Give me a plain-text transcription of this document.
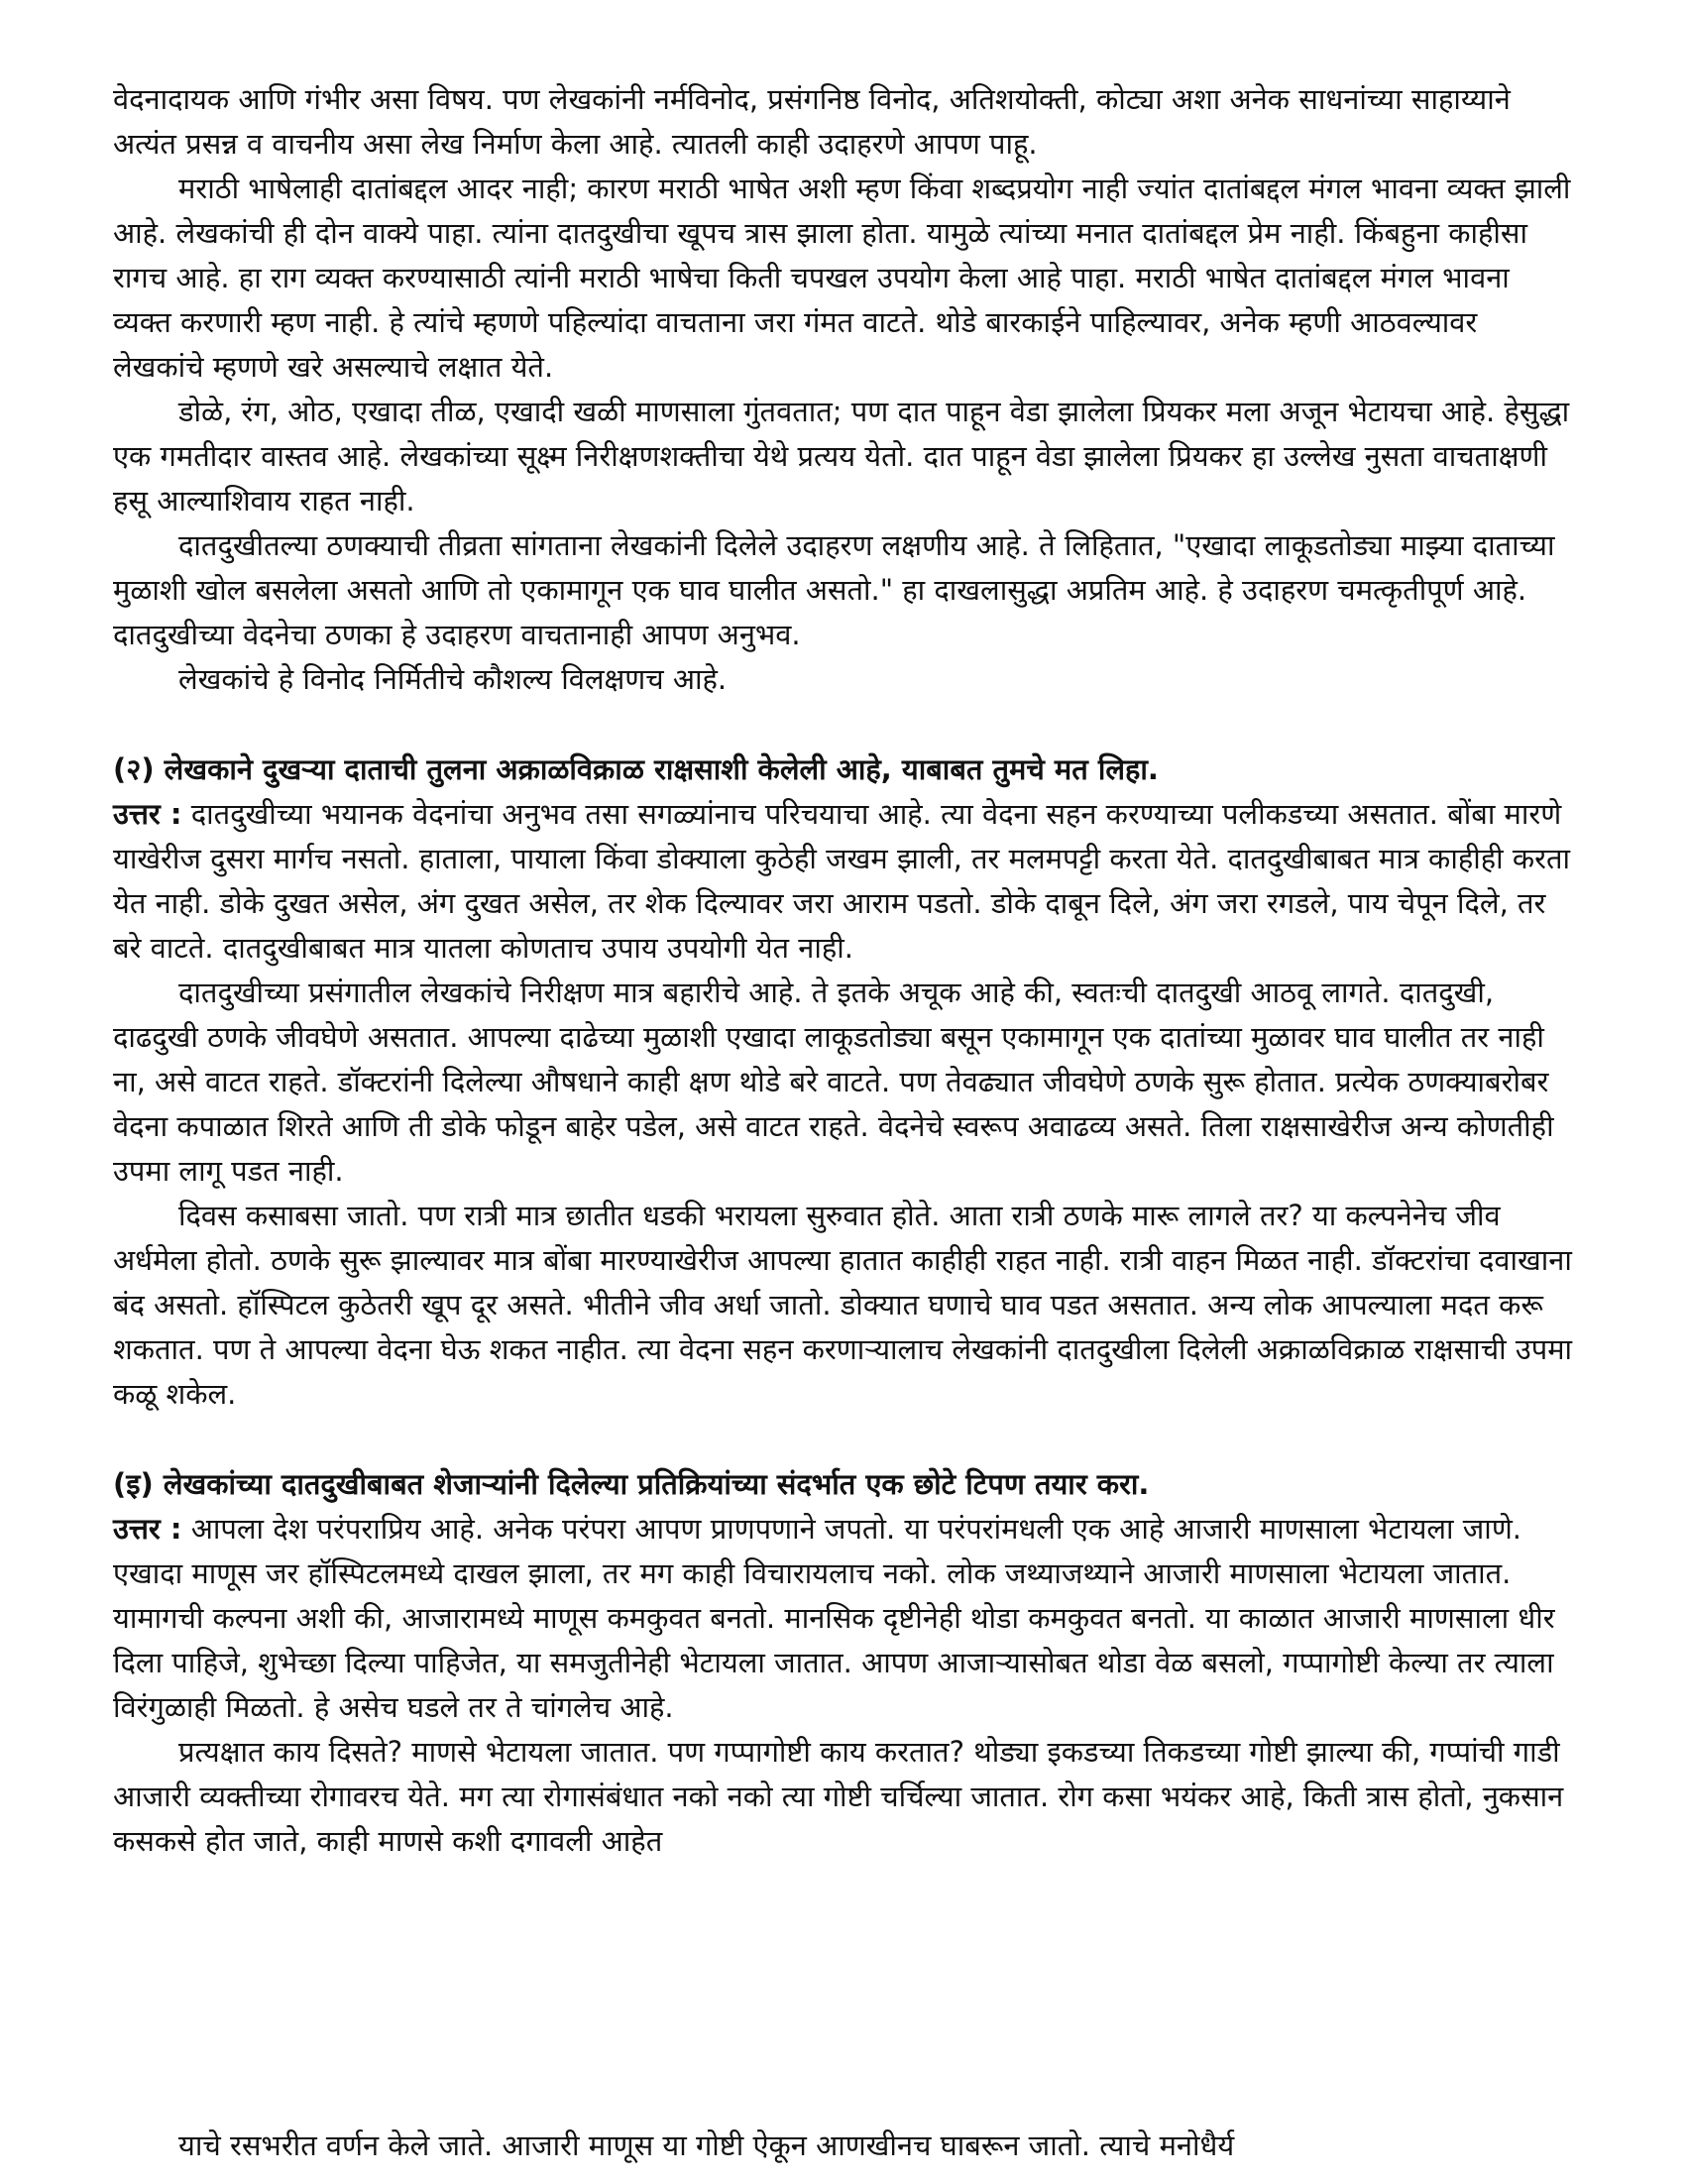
वेदनादायक आणि गंभीर असा विषय. पण लेखकांनी नर्मविनोद, प्रसंगनिष्ठ विनोद, अतिशयोक्ती, कोट्या अशा अनेक साधनांच्या साहाय्याने अत्यंत प्रसन्न व वाचनीय असा लेख निर्माण केला आहे. त्यातली काही उदाहरणे आपण पाहू.

मराठी भाषेलाही दातांबद्दल आदर नाही; कारण मराठी भाषेत अशी म्हण किंवा शब्दप्रयोग नाही ज्यांत दातांबद्दल मंगल भावना व्यक्त झाली आहे. लेखकांची ही दोन वाक्ये पाहा. त्यांना दातदुखीचा खूपच त्रास झाला होता. यामुळे त्यांच्या मनात दातांबद्दल प्रेम नाही. किंबहुना काहीसा रागच आहे. हा राग व्यक्त करण्यासाठी त्यांनी मराठी भाषेचा किती चपखल उपयोग केला आहे पाहा. मराठी भाषेत दातांबद्दल मंगल भावना व्यक्त करणारी म्हण नाही. हे त्यांचे म्हणणे पहिल्यांदा वाचताना जरा गंमत वाटते. थोडे बारकाईने पाहिल्यावर, अनेक म्हणी आठवल्यावर लेखकांचे म्हणणे खरे असल्याचे लक्षात येते.

डोळे, रंग, ओठ, एखादा तीळ, एखादी खळी माणसाला गुंतवतात; पण दात पाहून वेडा झालेला प्रियकर मला अजून भेटायचा आहे. हेसुद्धा एक गमतीदार वास्तव आहे. लेखकांच्या सूक्ष्म निरीक्षणशक्तीचा येथे प्रत्यय येतो. दात पाहून वेडा झालेला प्रियकर हा उल्लेख नुसता वाचताक्षणी हसू आल्याशिवाय राहत नाही.

दातदुखीतल्या ठणक्याची तीव्रता सांगताना लेखकांनी दिलेले उदाहरण लक्षणीय आहे. ते लिहितात, "एखादा लाकूडतोड्या माझ्या दाताच्या मुळाशी खोल बसलेला असतो आणि तो एकामागून एक घाव घालीत असतो." हा दाखलासुद्धा अप्रतिम आहे. हे उदाहरण चमत्कृतीपूर्ण आहे. दातदुखीच्या वेदनेचा ठणका हे उदाहरण वाचतानाही आपण अनुभव.

लेखकांचे हे विनोद निर्मितीचे कौशल्य विलक्षणच आहे.

(२) लेखकाने दुखऱ्या दाताची तुलना अक्राळविक्राळ राक्षसाशी केलेली आहे, याबाबत तुमचे मत लिहा.

उत्तर : दातदुखीच्या भयानक वेदनांचा अनुभव तसा सगळ्यांनाच परिचयाचा आहे. त्या वेदना सहन करण्याच्या पलीकडच्या असतात. बोंबा मारणे याखेरीज दुसरा मार्गच नसतो. हाताला, पायाला किंवा डोक्याला कुठेही जखम झाली, तर मलमपट्टी करता येते. दातदुखीबाबत मात्र काहीही करता येत नाही. डोके दुखत असेल, अंग दुखत असेल, तर शेक दिल्यावर जरा आराम पडतो. डोके दाबून दिले, अंग जरा रगडले, पाय चेपून दिले, तर बरे वाटते. दातदुखीबाबत मात्र यातला कोणताच उपाय उपयोगी येत नाही.

दातदुखीच्या प्रसंगातील लेखकांचे निरीक्षण मात्र बहारीचे आहे. ते इतके अचूक आहे की, स्वतःची दातदुखी आठवू लागते. दातदुखी, दाढदुखी ठणके जीवघेणे असतात. आपल्या दाढेच्या मुळाशी एखादा लाकूडतोड्या बसून एकामागून एक दातांच्या मुळावर घाव घालीत तर नाही ना, असे वाटत राहते. डॉक्टरांनी दिलेल्या औषधाने काही क्षण थोडे बरे वाटते. पण तेवढ्यात जीवघेणे ठणके सुरू होतात. प्रत्येक ठणक्याबरोबर वेदना कपाळात शिरते आणि ती डोके फोडून बाहेर पडेल, असे वाटत राहते. वेदनेचे स्वरूप अवाढव्य असते. तिला राक्षसाखेरीज अन्य कोणतीही उपमा लागू पडत नाही.

दिवस कसाबसा जातो. पण रात्री मात्र छातीत धडकी भरायला सुरुवात होते. आता रात्री ठणके मारू लागले तर? या कल्पनेनेच जीव अर्धमेला होतो. ठणके सुरू झाल्यावर मात्र बोंबा मारण्याखेरीज आपल्या हातात काहीही राहत नाही. रात्री वाहन मिळत नाही. डॉक्टरांचा दवाखाना बंद असतो. हॉस्पिटल कुठेतरी खूप दूर असते. भीतीने जीव अर्धा जातो. डोक्यात घणाचे घाव पडत असतात. अन्य लोक आपल्याला मदत करू शकतात. पण ते आपल्या वेदना घेऊ शकत नाहीत. त्या वेदना सहन करणाऱ्यालाच लेखकांनी दातदुखीला दिलेली अक्राळविक्राळ राक्षसाची उपमा कळू शकेल.

(इ) लेखकांच्या दातदुखीबाबत शेजाऱ्यांनी दिलेल्या प्रतिक्रियांच्या संदर्भात एक छोटे टिपण तयार करा.

उत्तर : आपला देश परंपराप्रिय आहे. अनेक परंपरा आपण प्राणपणाने जपतो. या परंपरांमधली एक आहे आजारी माणसाला भेटायला जाणे. एखादा माणूस जर हॉस्पिटलमध्ये दाखल झाला, तर मग काही विचारायलाच नको. लोक जथ्याजथ्याने आजारी माणसाला भेटायला जातात. यामागची कल्पना अशी की, आजारामध्ये माणूस कमकुवत बनतो. मानसिक दृष्टीनेही थोडा कमकुवत बनतो. या काळात आजारी माणसाला धीर दिला पाहिजे, शुभेच्छा दिल्या पाहिजेत, या समजुतीनेही भेटायला जातात. आपण आजाऱ्यासोबत थोडा वेळ बसलो, गप्पागोष्टी केल्या तर त्याला विरंगुळाही मिळतो. हे असेच घडले तर ते चांगलेच आहे.

प्रत्यक्षात काय दिसते? माणसे भेटायला जातात. पण गप्पागोष्टी काय करतात? थोड्या इकडच्या तिकडच्या गोष्टी झाल्या की, गप्पांची गाडी आजारी व्यक्तीच्या रोगावरच येते. मग त्या रोगासंबंधात नको नको त्या गोष्टी चर्चिल्या जातात. रोग कसा भयंकर आहे, किती त्रास होतो, नुकसान कसकसे होत जाते, काही माणसे कशी दगावली आहेत

याचे रसभरीत वर्णन केले जाते. आजारी माणूस या गोष्टी ऐकून आणखीनच घाबरून जातो. त्याचे मनोधैर्य
